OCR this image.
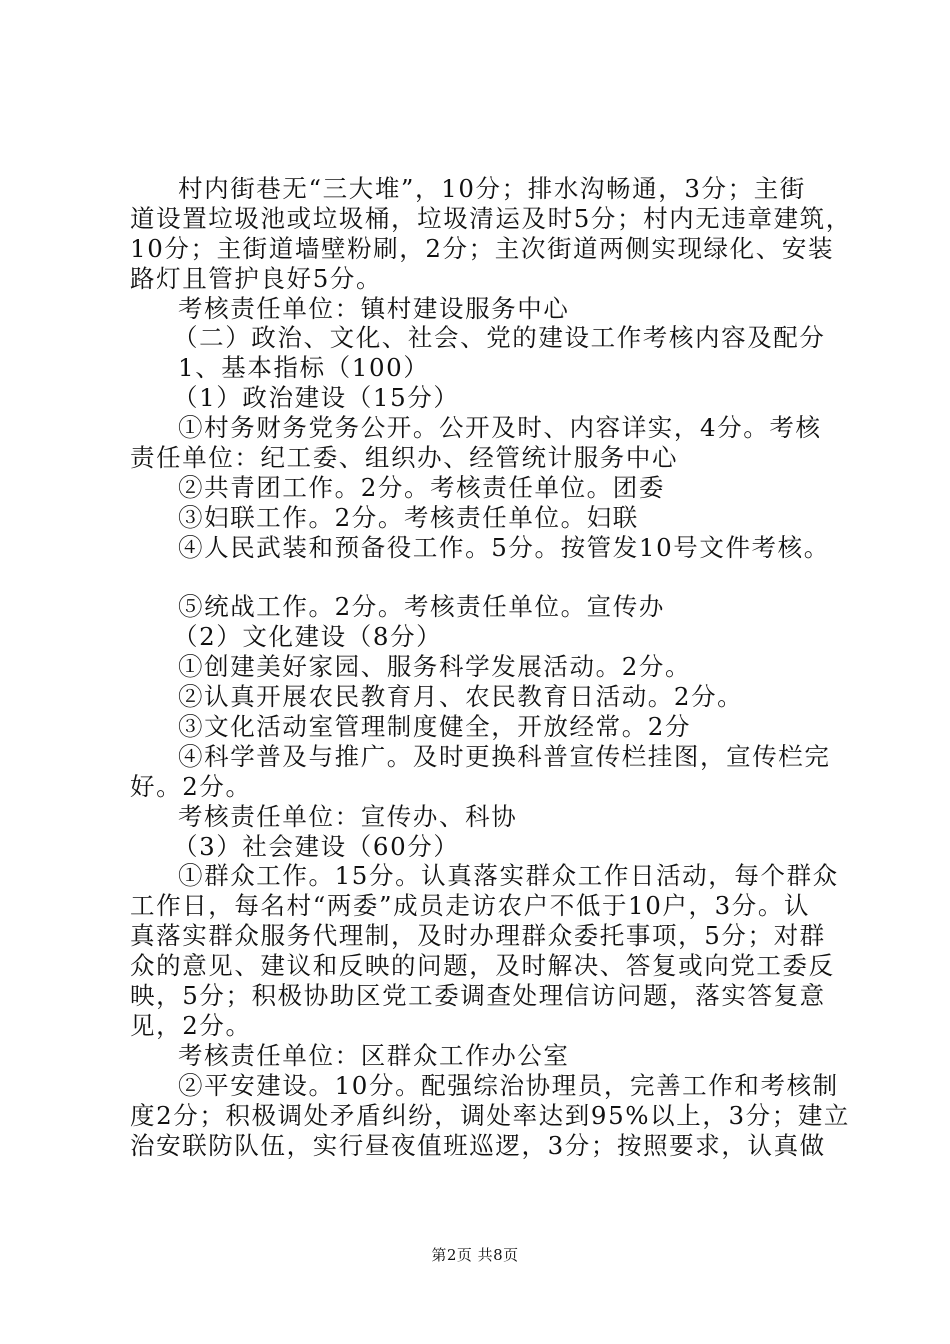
村内街巷无“三大堆”，10分；排水沟畅通，3分；主街
道设置垃圾池或垃圾桶，垃圾清运及时5分；村内无违章建筑，
10分；主街道墙壁粉刷，2分；主次街道两侧实现绿化、安装
路灯且管护良好5分。
考核责任单位：镇村建设服务中心
（二）政治、文化、社会、党的建设工作考核内容及配分
1、基本指标（100）
（1）政治建设（15分）
①村务财务党务公开。公开及时、内容详实，4分。考核
责任单位：纪工委、组织办、经管统计服务中心
②共青团工作。2分。考核责任单位。团委
③妇联工作。2分。考核责任单位。妇联
④人民武装和预备役工作。5分。按管发10号文件考核。
⑤统战工作。2分。考核责任单位。宣传办
（2）文化建设（8分）
①创建美好家园、服务科学发展活动。2分。
②认真开展农民教育月、农民教育日活动。2分。
③文化活动室管理制度健全，开放经常。2分
④科学普及与推广。及时更换科普宣传栏挂图，宣传栏完
好。2分。
考核责任单位：宣传办、科协
（3）社会建设（60分）
①群众工作。15分。认真落实群众工作日活动，每个群众
工作日，每名村“两委”成员走访农户不低于10户，3分。认
真落实群众服务代理制，及时办理群众委托事项，5分；对群
众的意见、建议和反映的问题，及时解决、答复或向党工委反
映，5分；积极协助区党工委调查处理信访问题，落实答复意
见，2分。
考核责任单位：区群众工作办公室
②平安建设。10分。配强综治协理员，完善工作和考核制
度2分；积极调处矛盾纠纷，调处率达到95%以上，3分；建立
治安联防队伍，实行昼夜值班巡逻，3分；按照要求，认真做
第2页 共8页
